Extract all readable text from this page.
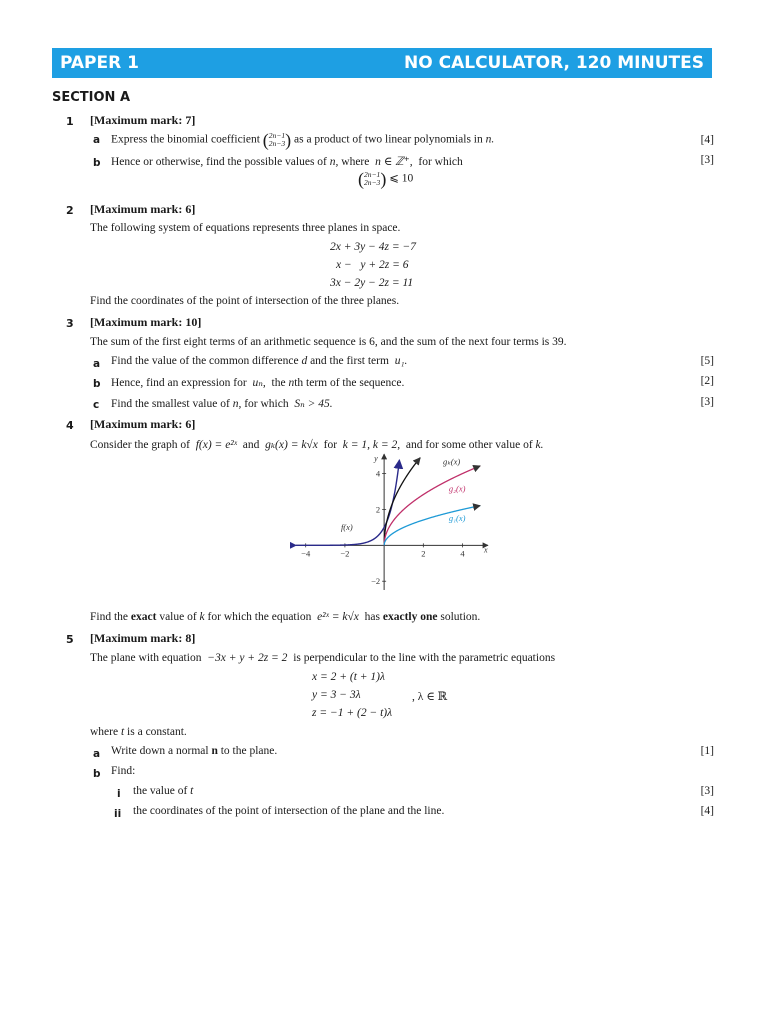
PAPER 1	NO CALCULATOR, 120 MINUTES
SECTION A
1 [Maximum mark: 7]
a Express the binomial coefficient ( 2n−1
2n−3 ) as a product of two linear polynomials in n.	[4]
b Hence or otherwise, find the possible values of n, where n ∈ ℤ⁺, for which	[3]
( 2n−1
2n−3 ) ⩽ 10
2 [Maximum mark: 6]
The following system of equations represents three planes in space.
2x + 3y − 4z = −7
x −   y + 2z = 6
3x − 2y − 2z = 11
Find the coordinates of the point of intersection of the three planes.
3 [Maximum mark: 10]
The sum of the first eight terms of an arithmetic sequence is 6, and the sum of the next four terms is 39.
a Find the value of the common difference d and the first term u₁.	[5]
b Hence, find an expression for uₙ, the nth term of the sequence.	[2]
c Find the smallest value of n, for which Sₙ > 45.	[3]
4 [Maximum mark: 6]
Consider the graph of f(x) = e²ˣ and gₖ(x) = k√x for k = 1, k = 2, and for some other value of k.
−4	−2	2	4
−2
2
4
x
y
f(x)
gₖ(x)
g₂(x)
g₁(x)
Find the exact value of k for which the equation e²ˣ = k√x has exactly one solution.
5 [Maximum mark: 8]
The plane with equation −3x + y + 2z = 2 is perpendicular to the line with the parametric equations
x = 2 + (t + 1)λ
y = 3 − 3λ	, λ ∈ ℝ
z = −1 + (2 − t)λ
where t is a constant.
a Write down a normal n to the plane.	[1]
b Find:
i the value of t	[3]
ii the coordinates of the point of intersection of the plane and the line.	[4]
